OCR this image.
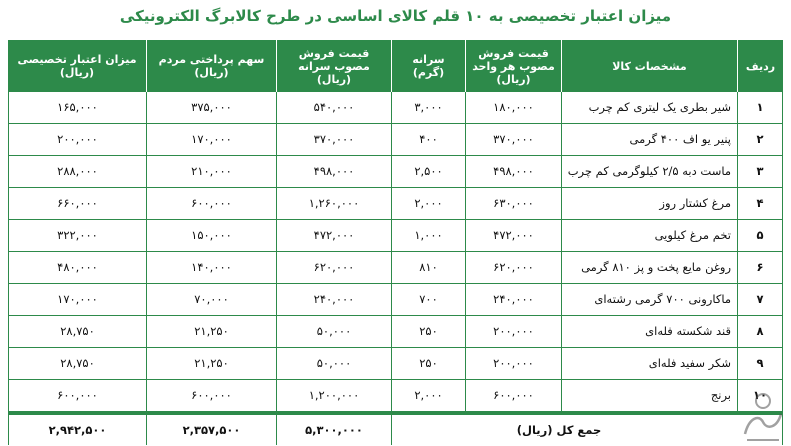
میزان اعتبار تخصیصی به ۱۰ قلم کالای اساسی در طرح کالابرگ الکترونیکی
ردیف	مشخصات کالا	قیمت فروش مصوب هر واحد (ریال)	سرانه (گرم)	قیمت فروش مصوب سرانه (ریال)	سهم پرداختی مردم (ریال)	میزان اعتبار تخصیصی (ریال)
۱	شیر بطری یک لیتری کم چرب	۱۸۰,۰۰۰	۳,۰۰۰	۵۴۰,۰۰۰	۳۷۵,۰۰۰	۱۶۵,۰۰۰
۲	پنیر یو اف ۴۰۰ گرمی	۳۷۰,۰۰۰	۴۰۰	۳۷۰,۰۰۰	۱۷۰,۰۰۰	۲۰۰,۰۰۰
۳	ماست دبه ۲/۵ کیلوگرمی کم چرب	۴۹۸,۰۰۰	۲,۵۰۰	۴۹۸,۰۰۰	۲۱۰,۰۰۰	۲۸۸,۰۰۰
۴	مرغ کشتار روز	۶۳۰,۰۰۰	۲,۰۰۰	۱,۲۶۰,۰۰۰	۶۰۰,۰۰۰	۶۶۰,۰۰۰
۵	تخم مرغ کیلویی	۴۷۲,۰۰۰	۱,۰۰۰	۴۷۲,۰۰۰	۱۵۰,۰۰۰	۳۲۲,۰۰۰
۶	روغن مایع پخت و پز ۸۱۰ گرمی	۶۲۰,۰۰۰	۸۱۰	۶۲۰,۰۰۰	۱۴۰,۰۰۰	۴۸۰,۰۰۰
۷	ماکارونی ۷۰۰ گرمی رشته‌ای	۲۴۰,۰۰۰	۷۰۰	۲۴۰,۰۰۰	۷۰,۰۰۰	۱۷۰,۰۰۰
۸	قند شکسته فله‌ای	۲۰۰,۰۰۰	۲۵۰	۵۰,۰۰۰	۲۱,۲۵۰	۲۸,۷۵۰
۹	شکر سفید فله‌ای	۲۰۰,۰۰۰	۲۵۰	۵۰,۰۰۰	۲۱,۲۵۰	۲۸,۷۵۰
۱۰	برنج	۶۰۰,۰۰۰	۲,۰۰۰	۱,۲۰۰,۰۰۰	۶۰۰,۰۰۰	۶۰۰,۰۰۰
جمع کل (ریال)				۵,۳۰۰,۰۰۰	۲,۳۵۷,۵۰۰	۲,۹۴۲,۵۰۰
